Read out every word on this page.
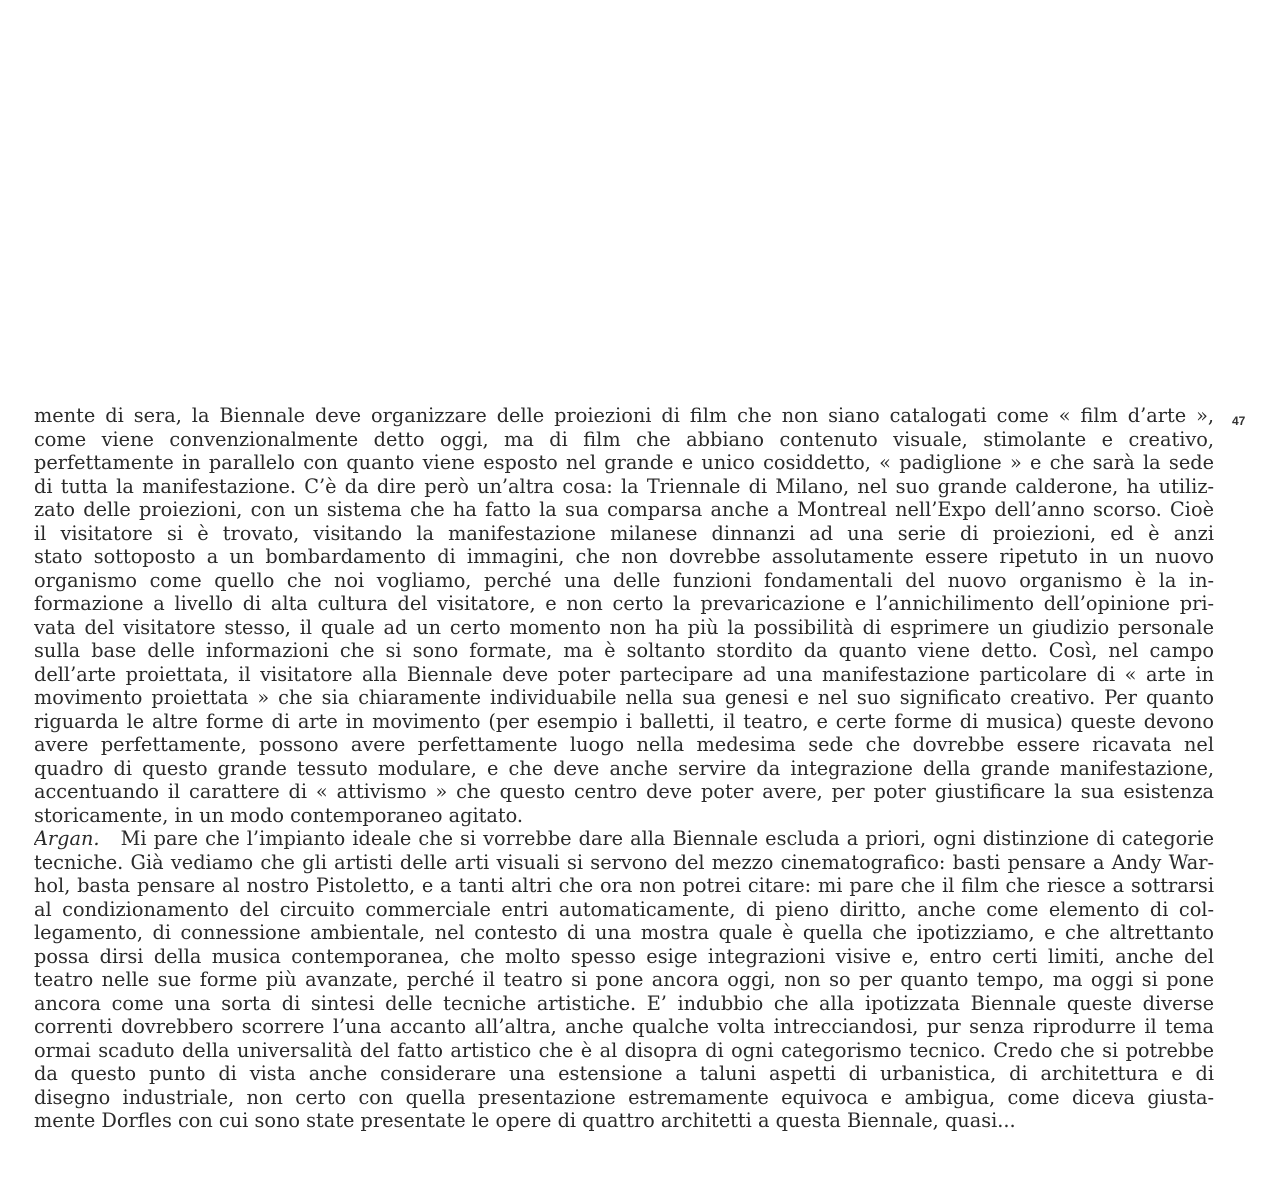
47
mente di sera, la Biennale deve organizzare delle proiezioni di film che non siano catalogati come « film d’arte »,
come viene convenzionalmente detto oggi, ma di film che abbiano contenuto visuale, stimolante e creativo,
perfettamente in parallelo con quanto viene esposto nel grande e unico cosiddetto, « padiglione » e che sarà la sede
di tutta la manifestazione. C’è da dire però un’altra cosa: la Triennale di Milano, nel suo grande calderone, ha utiliz-
zato delle proiezioni, con un sistema che ha fatto la sua comparsa anche a Montreal nell’Expo dell’anno scorso. Cioè
il visitatore si è trovato, visitando la manifestazione milanese dinnanzi ad una serie di proiezioni, ed è anzi
stato sottoposto a un bombardamento di immagini, che non dovrebbe assolutamente essere ripetuto in un nuovo
organismo come quello che noi vogliamo, perché una delle funzioni fondamentali del nuovo organismo è la in-
formazione a livello di alta cultura del visitatore, e non certo la prevaricazione e l’annichilimento dell’opinione pri-
vata del visitatore stesso, il quale ad un certo momento non ha più la possibilità di esprimere un giudizio personale
sulla base delle informazioni che si sono formate, ma è soltanto stordito da quanto viene detto. Così, nel campo
dell’arte proiettata, il visitatore alla Biennale deve poter partecipare ad una manifestazione particolare di « arte in
movimento proiettata » che sia chiaramente individuabile nella sua genesi e nel suo significato creativo. Per quanto
riguarda le altre forme di arte in movimento (per esempio i balletti, il teatro, e certe forme di musica) queste devono
avere perfettamente, possono avere perfettamente luogo nella medesima sede che dovrebbe essere ricavata nel
quadro di questo grande tessuto modulare, e che deve anche servire da integrazione della grande manifestazione,
accentuando il carattere di « attivismo » che questo centro deve poter avere, per poter giustificare la sua esistenza
storicamente, in un modo contemporaneo agitato.
Argan. Mi pare che l’impianto ideale che si vorrebbe dare alla Biennale escluda a priori, ogni distinzione di categorie
tecniche. Già vediamo che gli artisti delle arti visuali si servono del mezzo cinematografico: basti pensare a Andy War-
hol, basta pensare al nostro Pistoletto, e a tanti altri che ora non potrei citare: mi pare che il film che riesce a sottrarsi
al condizionamento del circuito commerciale entri automaticamente, di pieno diritto, anche come elemento di col-
legamento, di connessione ambientale, nel contesto di una mostra quale è quella che ipotizziamo, e che altrettanto
possa dirsi della musica contemporanea, che molto spesso esige integrazioni visive e, entro certi limiti, anche del
teatro nelle sue forme più avanzate, perché il teatro si pone ancora oggi, non so per quanto tempo, ma oggi si pone
ancora come una sorta di sintesi delle tecniche artistiche. E’ indubbio che alla ipotizzata Biennale queste diverse
correnti dovrebbero scorrere l’una accanto all’altra, anche qualche volta intrecciandosi, pur senza riprodurre il tema
ormai scaduto della universalità del fatto artistico che è al disopra di ogni categorismo tecnico. Credo che si potrebbe
da questo punto di vista anche considerare una estensione a taluni aspetti di urbanistica, di architettura e di
disegno industriale, non certo con quella presentazione estremamente equivoca e ambigua, come diceva giusta-
mente Dorfles con cui sono state presentate le opere di quattro architetti a questa Biennale, quasi...
